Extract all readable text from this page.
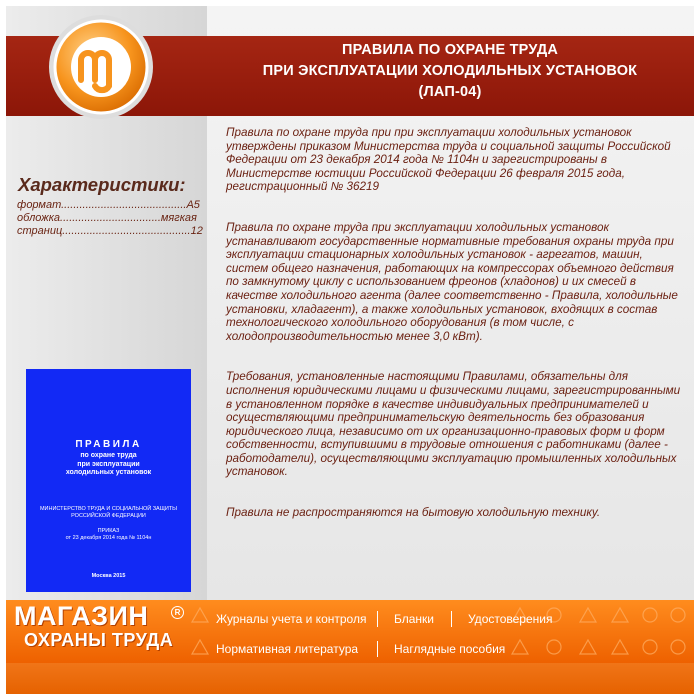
ПРАВИЛА ПО ОХРАНЕ ТРУДА
ПРИ ЭКСПЛУАТАЦИИ ХОЛОДИЛЬНЫХ УСТАНОВОК
(ЛАП-04)
Характеристики:
формат.........................................А5
обложка.................................мягкая
страниц..........................................12
ПРАВИЛА
по охране труда
при эксплуатации
холодильных установок
МИНИСТЕРСТВО ТРУДА И СОЦИАЛЬНОЙ ЗАЩИТЫ
РОССИЙСКОЙ ФЕДЕРАЦИИ
ПРИКАЗ
от 23 декабря 2014 года № 1104н
Москва 2015

Правила по охране труда при при эксплуатации холодильных установок утверждены приказом Министерства труда и социальной защиты Российской Федерации от 23 декабря 2014 года № 1104н и зарегистрированы в Министерстве юстиции Российской Федерации 26 февраля 2015 года, регистрационный № 36219

Правила по охране труда при эксплуатации холодильных установок устанавливают государственные нормативные требования охраны труда при эксплуатации стационарных холодильных установок - агрегатов, машин, систем общего назначения, работающих на компрессорах объемного действия по замкнутому циклу с использованием фреонов (хладонов) и их смесей в качестве холодильного агента (далее соответственно - Правила, холодильные установки, хладагент), а также холодильных установок, входящих в состав технологического холодильного оборудования (в том числе, с холодопроизводительностью менее 3,0 кВт).

Требования, установленные настоящими Правилами, обязательны для исполнения юридическими лицами и физическими лицами, зарегистрированными в установленном порядке в качестве индивидуальных предпринимателей и осуществляющими предпринимательскую деятельность без образования юридического лица, независимо от их организационно-правовых форм и форм собственности, вступившими в трудовые отношения с работниками (далее - работодатели), осуществляющими эксплуатацию промышленных холодильных установок.

Правила не распространяются на бытовую холодильную технику.

МАГАЗИН	R
ОХРАНЫ ТРУДА
Журналы учета и контроля Бланки	Удостоверения
Нормативная литература	Наглядные пособия
